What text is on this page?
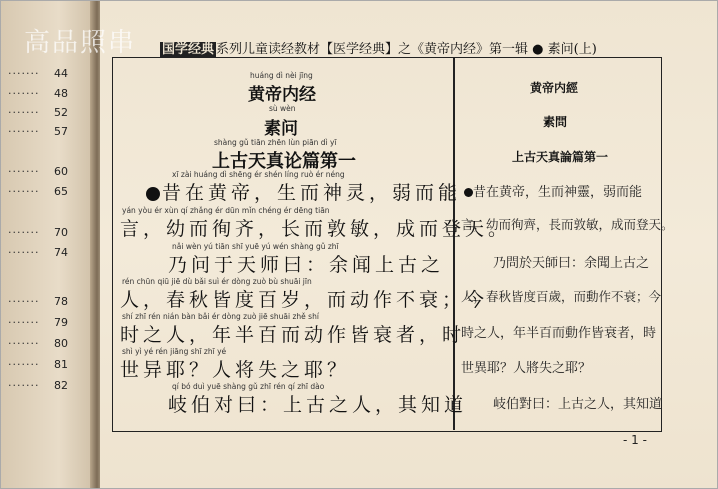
高品照串
······· 44
······· 48
······· 52
······· 57
······· 60
······· 65
······· 70
······· 74
······· 78
······· 79
······· 80
······· 81
······· 82
国学经典 系列儿童读经教材【医学经典】之《黄帝内经》第一辑 ● 素问(上)
huáng dì nèi jīng
黄帝内经
sù wèn
素问
shàng gǔ tiān zhēn lùn piān dì yī
上古天真论篇第一
xī zài huáng dì shēng ér shén líng ruò ér néng
昔在黄帝，生而神灵，弱而能
yán yòu ér xùn qí zhǎng ér dūn mǐn chéng ér dēng tiān
言，幼而徇齐，长而敦敏，成而登天。
nǎi wèn yú tiān shī yuē yú wén shàng gǔ zhī
乃问于天师曰：余闻上古之
rén chūn qiū jiē dù bǎi suì ér dòng zuò bù shuāi jīn
人，春秋皆度百岁，而动作不衰；今
shí zhī rén nián bàn bǎi ér dòng zuò jiē shuāi zhě shí
时之人，年半百而动作皆衰者，时
shì yì yé rén jiāng shī zhī yé
世异耶？人将失之耶？
qí bó duì yuē shàng gǔ zhī rén qí zhī dào
岐伯对曰：上古之人，其知道
黄帝内經
素問
上古天真論篇第一
昔在黄帝，生而神靈，弱而能
言，幼而徇齊，長而敦敏，成而登天。
乃問於天師曰：余聞上古之
人，春秋皆度百歲，而動作不衰；今
時之人，年半百而動作皆衰者，時
世異耶？人將失之耶？
岐伯對曰：上古之人，其知道
- 1 -
